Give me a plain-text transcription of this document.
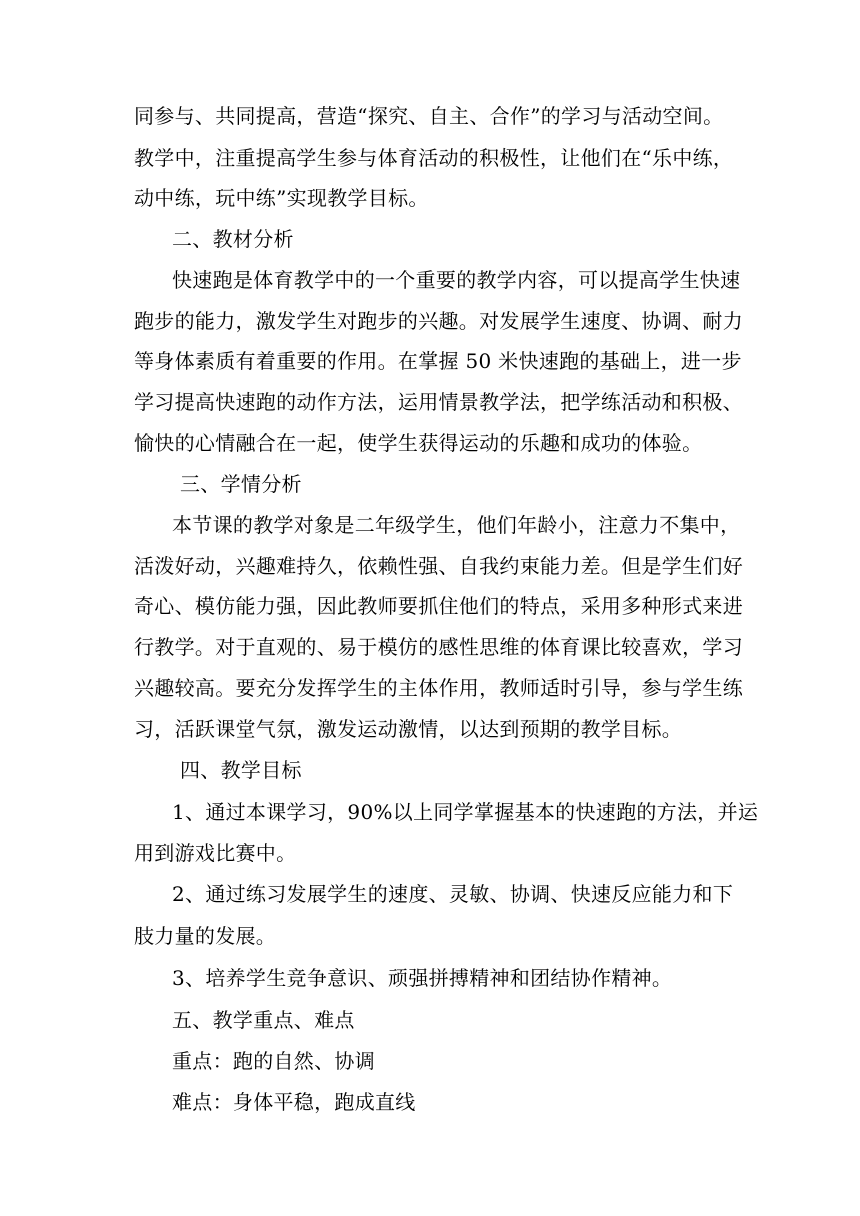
同参与、共同提高，营造“探究、自主、合作”的学习与活动空间。
教学中，注重提高学生参与体育活动的积极性，让他们在“乐中练，
动中练，玩中练”实现教学目标。
二、教材分析
快速跑是体育教学中的一个重要的教学内容，可以提高学生快速
跑步的能力，激发学生对跑步的兴趣。对发展学生速度、协调、耐力
等身体素质有着重要的作用。在掌握 50 米快速跑的基础上，进一步
学习提高快速跑的动作方法，运用情景教学法，把学练活动和积极、
愉快的心情融合在一起，使学生获得运动的乐趣和成功的体验。
三、学情分析
本节课的教学对象是二年级学生，他们年龄小，注意力不集中，
活泼好动，兴趣难持久，依赖性强、自我约束能力差。但是学生们好
奇心、模仿能力强，因此教师要抓住他们的特点，采用多种形式来进
行教学。对于直观的、易于模仿的感性思维的体育课比较喜欢，学习
兴趣较高。要充分发挥学生的主体作用，教师适时引导，参与学生练
习，活跃课堂气氛，激发运动激情，以达到预期的教学目标。
四、教学目标
1、通过本课学习，90%以上同学掌握基本的快速跑的方法，并运
用到游戏比赛中。
2、通过练习发展学生的速度、灵敏、协调、快速反应能力和下
肢力量的发展。
3、培养学生竞争意识、顽强拼搏精神和团结协作精神。
五、教学重点、难点
重点：跑的自然、协调
难点：身体平稳，跑成直线
